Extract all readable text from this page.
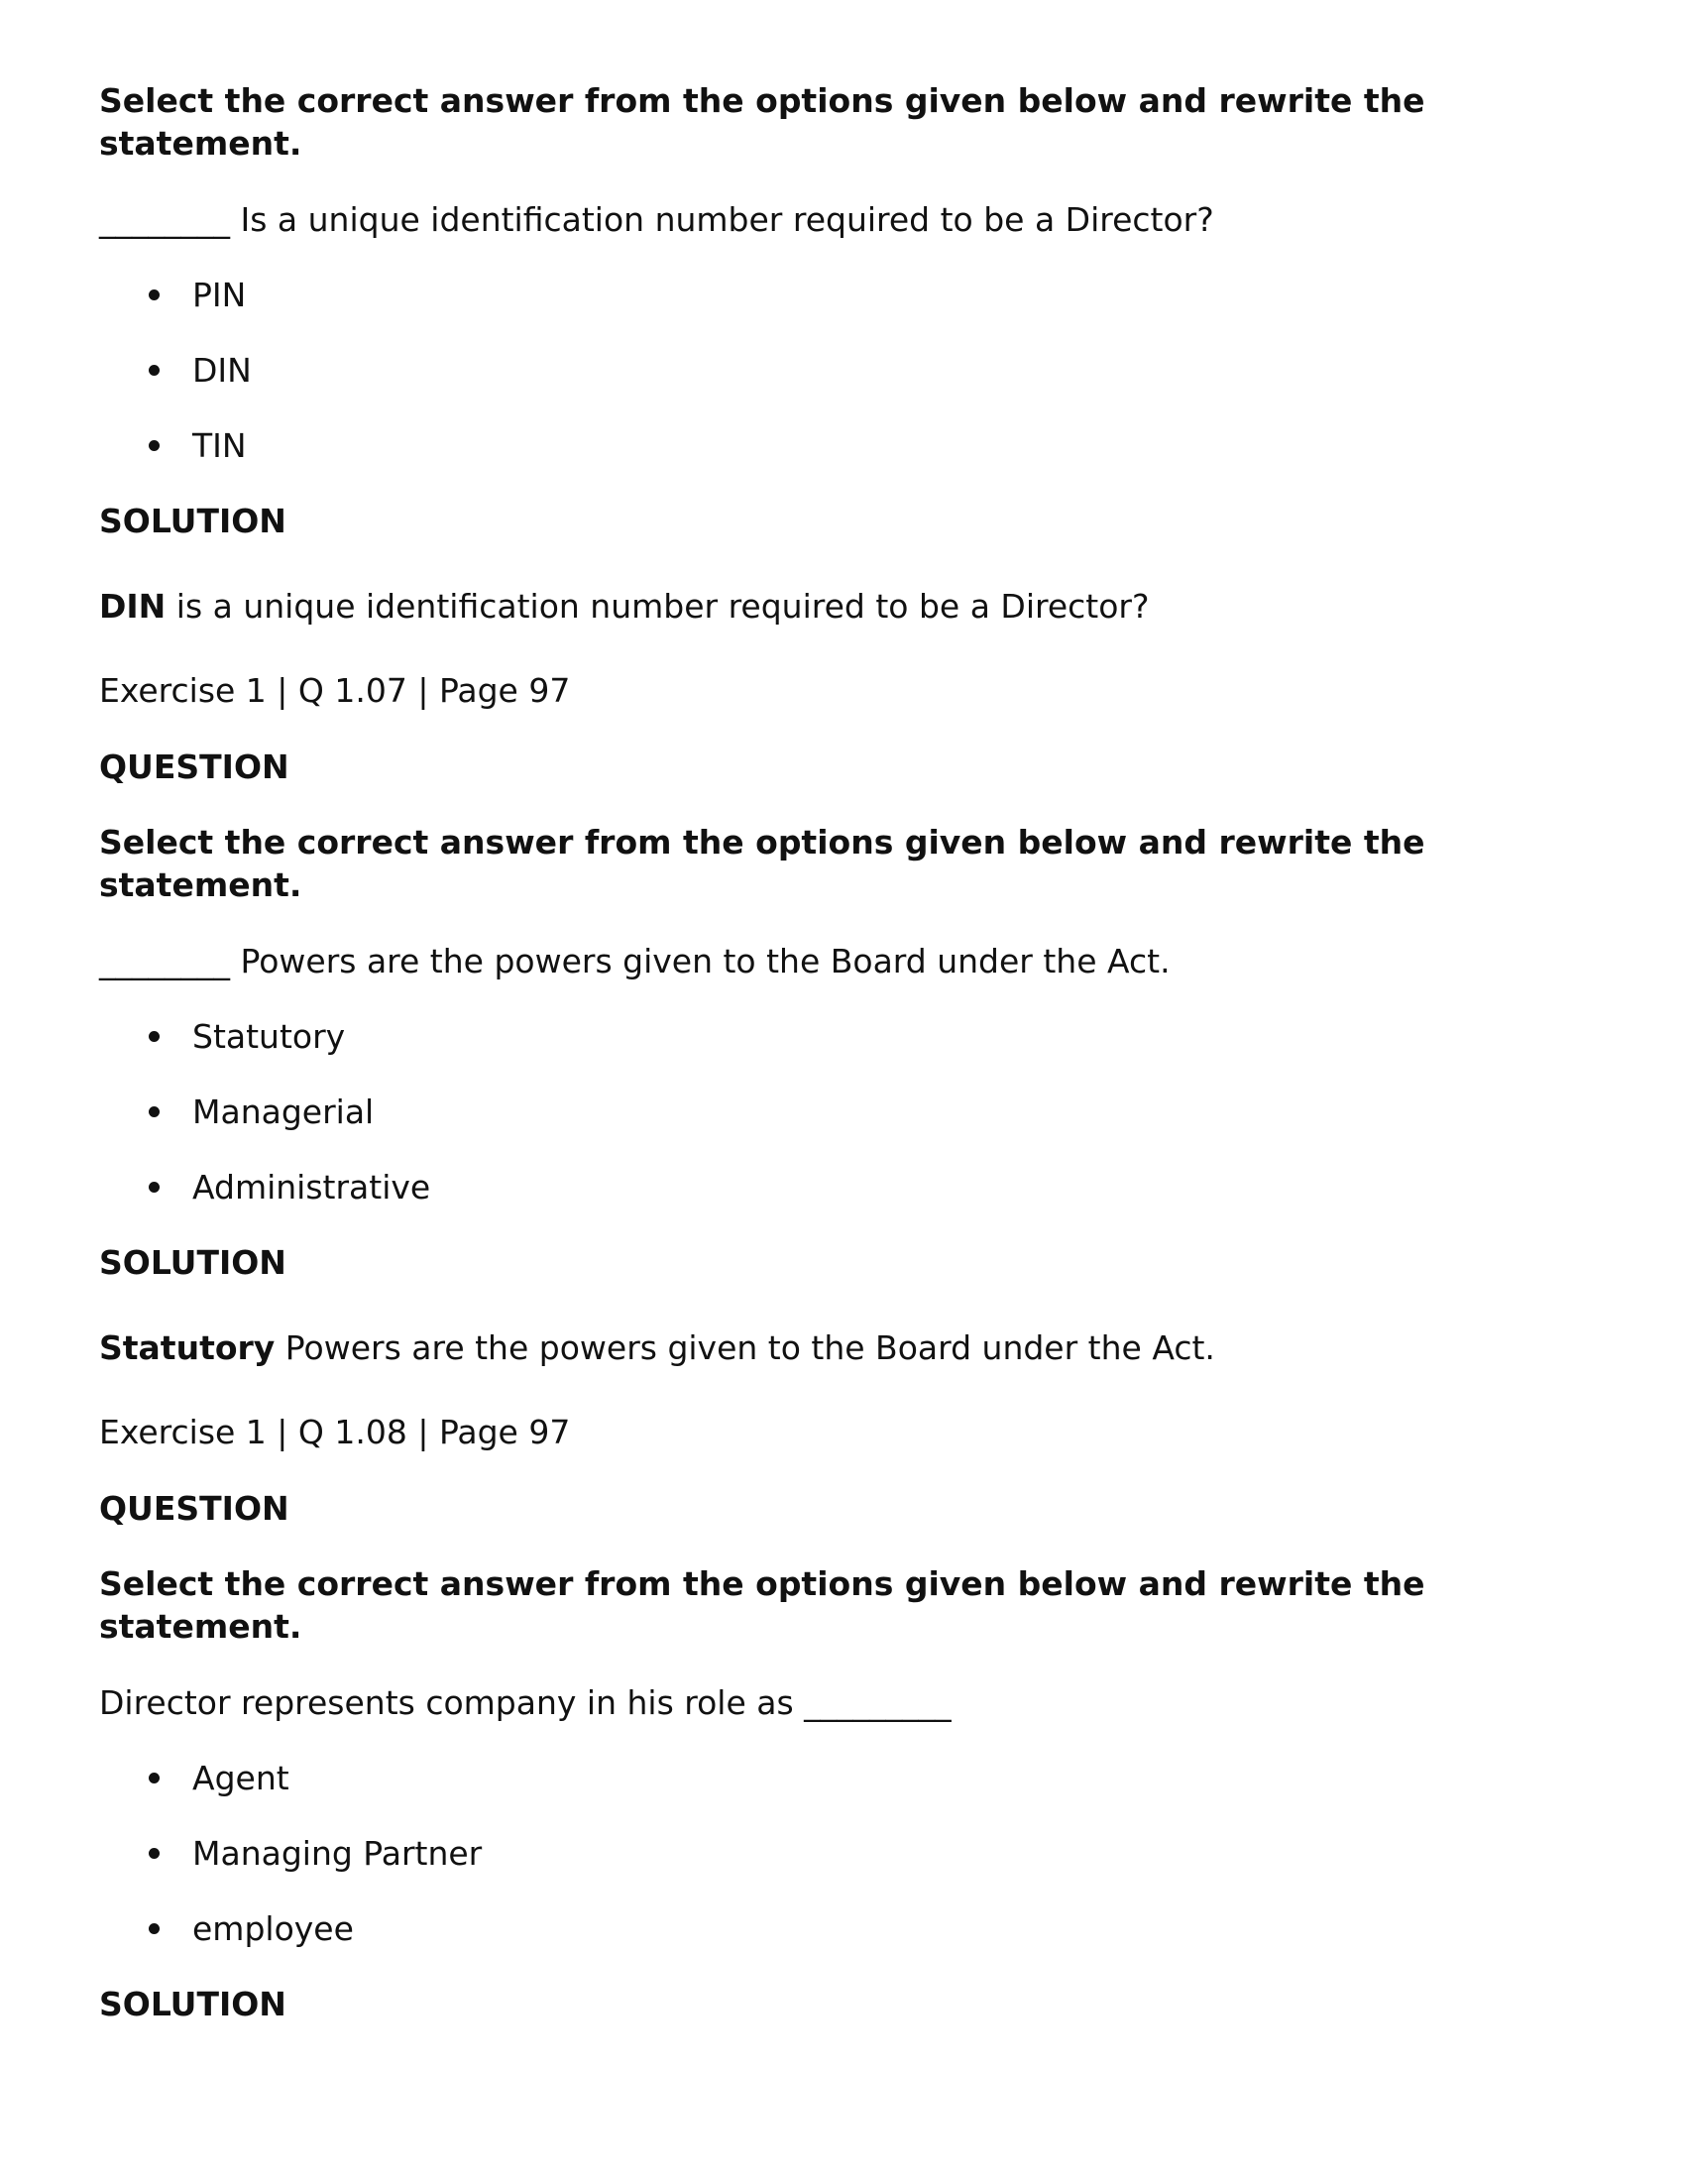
Select the correct answer from the options given below and rewrite the
statement.
________ Is a unique identification number required to be a Director?
PIN
DIN
TIN
SOLUTION
DIN is a unique identification number required to be a Director?
Exercise 1 | Q 1.07 | Page 97
QUESTION
Select the correct answer from the options given below and rewrite the
statement.
________ Powers are the powers given to the Board under the Act.
Statutory
Managerial
Administrative
SOLUTION
Statutory Powers are the powers given to the Board under the Act.
Exercise 1 | Q 1.08 | Page 97
QUESTION
Select the correct answer from the options given below and rewrite the
statement.
Director represents company in his role as _________
Agent
Managing Partner
employee
SOLUTION
